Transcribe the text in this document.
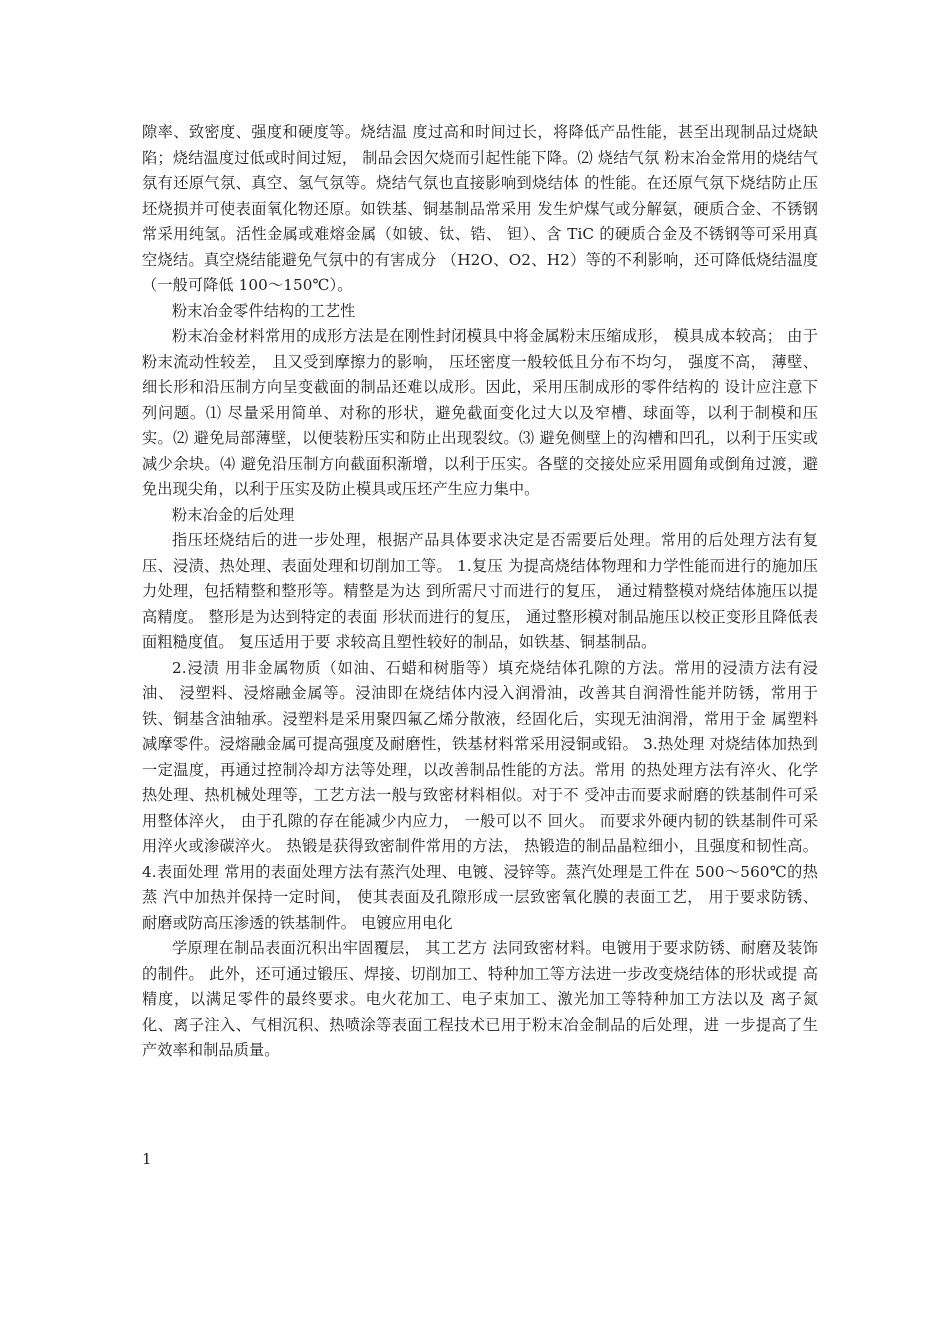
隙率、致密度、强度和硬度等。烧结温 度过高和时间过长，将降低产品性能，甚至出现制品过烧缺陷；烧结温度过低或时间过短， 制品会因欠烧而引起性能下降。⑵ 烧结气氛 粉末冶金常用的烧结气氛有还原气氛、真空、氢气氛等。烧结气氛也直接影响到烧结体 的性能。在还原气氛下烧结防止压坯烧损并可使表面氧化物还原。如铁基、铜基制品常采用 发生炉煤气或分解氨，硬质合金、不锈钢常采用纯氢。活性金属或难熔金属（如铍、钛、锆、 钽）、含 TiC 的硬质合金及不锈钢等可采用真空烧结。真空烧结能避免气氛中的有害成分 （H2O、O2、H2）等的不利影响，还可降低烧结温度（一般可降低 100～150℃）。

粉末冶金零件结构的工艺性

粉末冶金材料常用的成形方法是在刚性封闭模具中将金属粉末压缩成形， 模具成本较高； 由于粉末流动性较差， 且又受到摩擦力的影响， 压坯密度一般较低且分布不均匀， 强度不高， 薄壁、细长形和沿压制方向呈变截面的制品还难以成形。因此，采用压制成形的零件结构的 设计应注意下列问题。⑴ 尽量采用简单、对称的形状，避免截面变化过大以及窄槽、球面等，以利于制模和压 实。⑵ 避免局部薄壁，以便装粉压实和防止出现裂纹。⑶ 避免侧壁上的沟槽和凹孔，以利于压实或减少余块。⑷ 避免沿压制方向截面积渐增，以利于压实。各壁的交接处应采用圆角或倒角过渡，避 免出现尖角，以利于压实及防止模具或压坯产生应力集中。

粉末冶金的后处理

指压坯烧结后的进一步处理，根据产品具体要求决定是否需要后处理。常用的后处理方法有复压、浸渍、热处理、表面处理和切削加工等。 1.复压 为提高烧结体物理和力学性能而进行的施加压力处理，包括精整和整形等。精整是为达 到所需尺寸而进行的复压， 通过精整模对烧结体施压以提高精度。 整形是为达到特定的表面 形状而进行的复压， 通过整形模对制品施压以校正变形且降低表面粗糙度值。 复压适用于要 求较高且塑性较好的制品，如铁基、铜基制品。

2.浸渍 用非金属物质（如油、石蜡和树脂等）填充烧结体孔隙的方法。常用的浸渍方法有浸油、 浸塑料、浸熔融金属等。浸油即在烧结体内浸入润滑油，改善其自润滑性能并防锈，常用于 铁、铜基含油轴承。浸塑料是采用聚四氟乙烯分散液，经固化后，实现无油润滑，常用于金 属塑料减摩零件。浸熔融金属可提高强度及耐磨性，铁基材料常采用浸铜或铅。 3.热处理 对烧结体加热到一定温度，再通过控制冷却方法等处理，以改善制品性能的方法。常用 的热处理方法有淬火、化学热处理、热机械处理等，工艺方法一般与致密材料相似。对于不 受冲击而要求耐磨的铁基制件可采用整体淬火， 由于孔隙的存在能减少内应力， 一般可以不 回火。 而要求外硬内韧的铁基制件可采用淬火或渗碳淬火。 热锻是获得致密制件常用的方法， 热锻造的制品晶粒细小，且强度和韧性高。 4.表面处理 常用的表面处理方法有蒸汽处理、电镀、浸锌等。蒸汽处理是工件在 500～560℃的热蒸 汽中加热并保持一定时间， 使其表面及孔隙形成一层致密氧化膜的表面工艺， 用于要求防锈、 耐磨或防高压渗透的铁基制件。 电镀应用电化

学原理在制品表面沉积出牢固覆层， 其工艺方 法同致密材料。电镀用于要求防锈、耐磨及装饰的制件。 此外，还可通过锻压、焊接、切削加工、特种加工等方法进一步改变烧结体的形状或提 高精度，以满足零件的最终要求。电火花加工、电子束加工、激光加工等特种加工方法以及 离子氮化、离子注入、气相沉积、热喷涂等表面工程技术已用于粉末冶金制品的后处理，进 一步提高了生产效率和制品质量。

1
